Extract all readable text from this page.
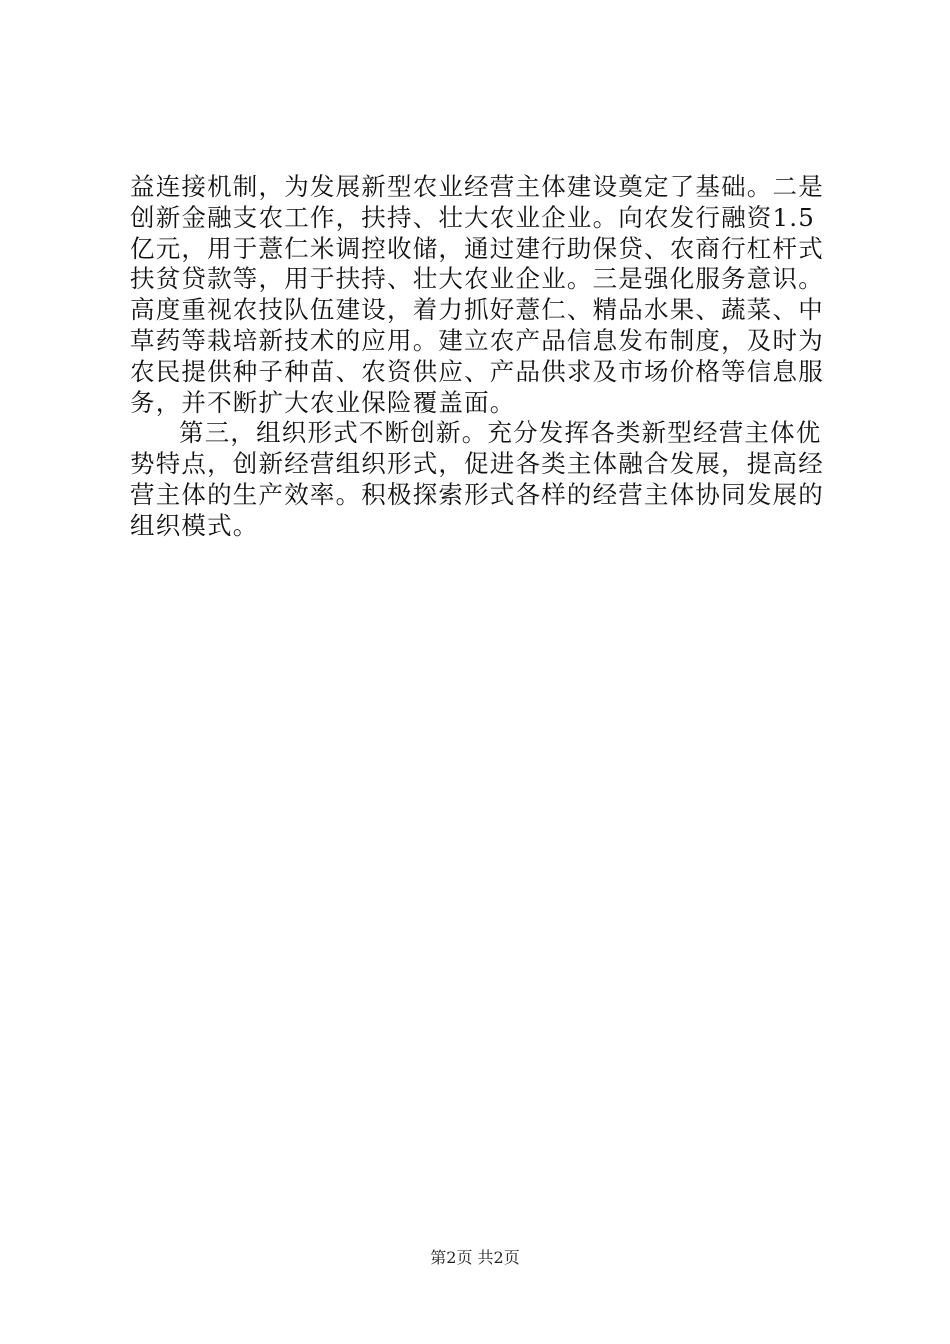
益连接机制，为发展新型农业经营主体建设奠定了基础。二是
创新金融支农工作，扶持、壮大农业企业。向农发行融资1.5
亿元，用于薏仁米调控收储，通过建行助保贷、农商行杠杆式
扶贫贷款等，用于扶持、壮大农业企业。三是强化服务意识。
高度重视农技队伍建设，着力抓好薏仁、精品水果、蔬菜、中
草药等栽培新技术的应用。建立农产品信息发布制度，及时为
农民提供种子种苗、农资供应、产品供求及市场价格等信息服
务，并不断扩大农业保险覆盖面。
第三，组织形式不断创新。充分发挥各类新型经营主体优
势特点，创新经营组织形式，促进各类主体融合发展，提高经
营主体的生产效率。积极探索形式各样的经营主体协同发展的
组织模式。
第2页 共2页
